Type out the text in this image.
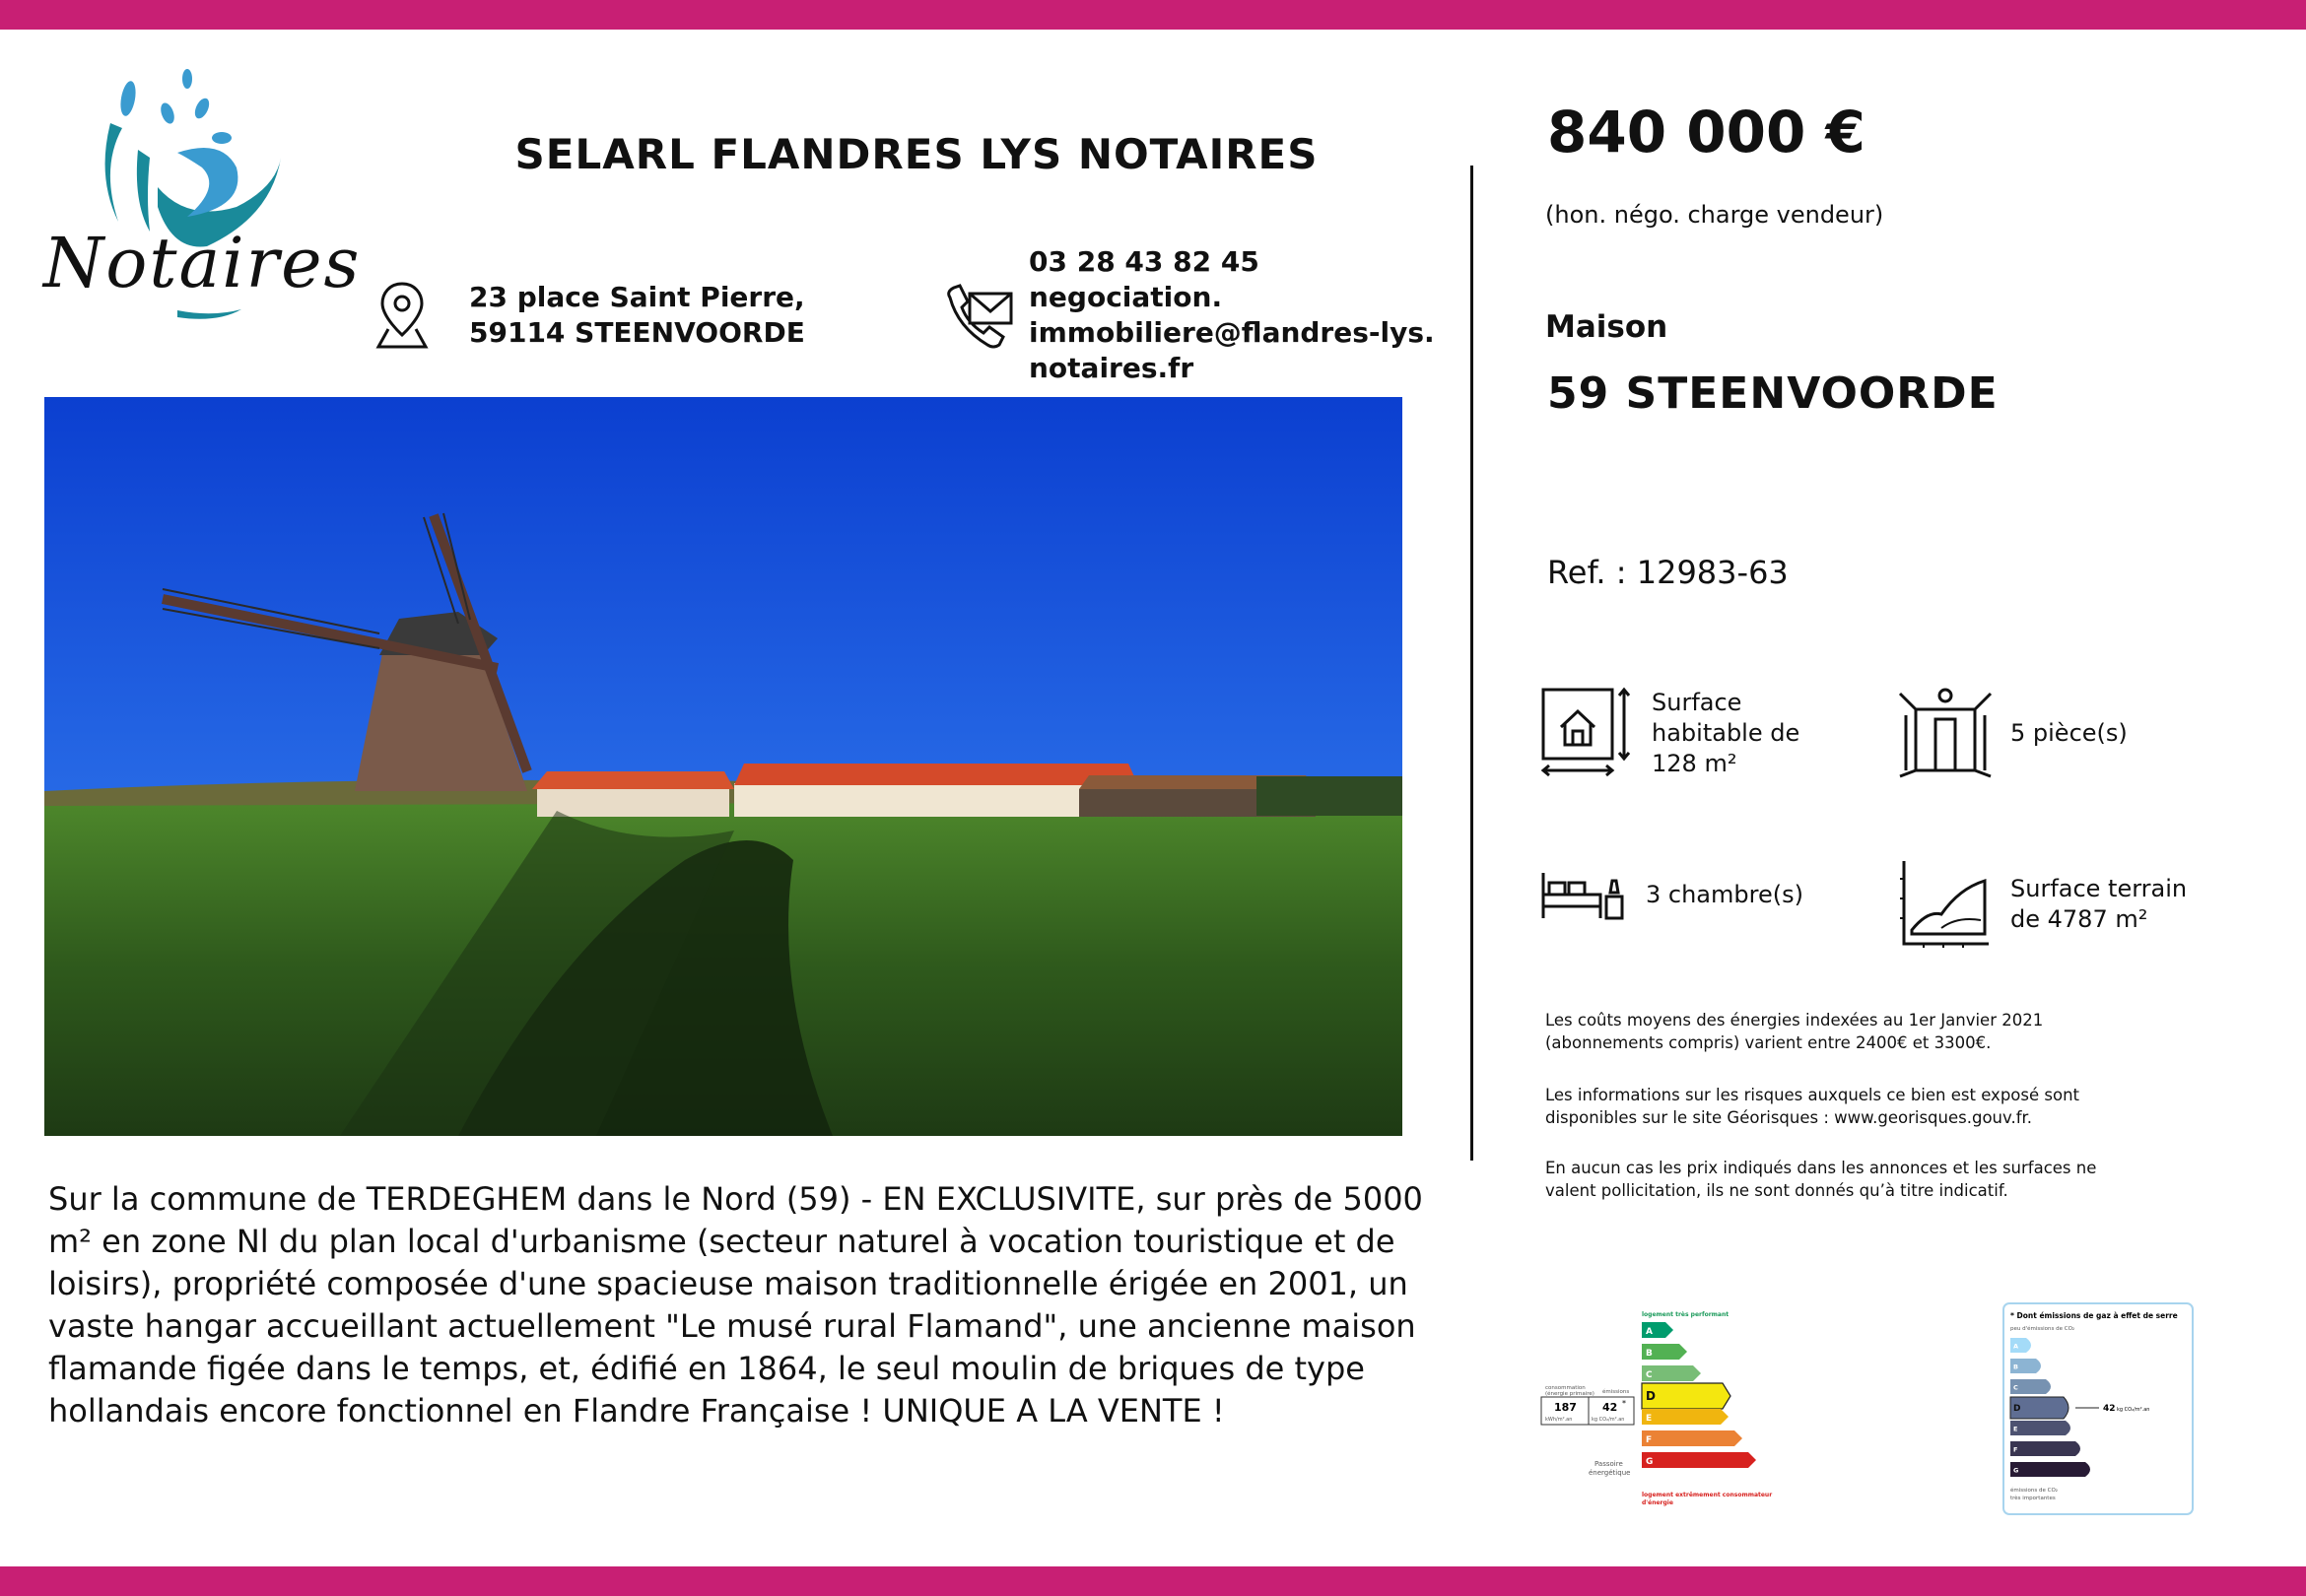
Notaires
SELARL FLANDRES LYS NOTAIRES
23 place Saint Pierre,
59114 STEENVOORDE
03 28 43 82 45
negociation.
immobiliere@flandres-lys.
notaires.fr
Sur la commune de TERDEGHEM dans le Nord (59) - EN EXCLUSIVITE, sur près de 5000 m² en zone Nl du plan local d'urbanisme (secteur naturel à vocation touristique et de loisirs), propriété composée d'une spacieuse maison traditionnelle érigée en 2001, un vaste hangar accueillant actuellement "Le musé rural Flamand", une ancienne maison flamande figée dans le temps, et, édifié en 1864, le seul moulin de briques de type hollandais encore fonctionnel en Flandre Française ! UNIQUE A LA VENTE !
840 000 €
(hon. négo. charge vendeur)
Maison
59 STEENVOORDE
Ref. : 12983-63
Surface
habitable de
128 m²
5 pièce(s)
3 chambre(s)	Surface terrain
de 4787 m²
Les coûts moyens des énergies indexées au 1er Janvier 2021
(abonnements compris) varient entre 2400€ et 3300€.
Les informations sur les risques auxquels ce bien est exposé sont
disponibles sur le site Géorisques : www.georisques.gouv.fr.
En aucun cas les prix indiqués dans les annonces et les surfaces ne
valent pollicitation, ils ne sont donnés qu’à titre indicatif.
logement très performant
A
B
C
D
E
F
G
consommation
(énergie primaire) émissions
187
kWh/m².an
42 *
kg CO₂/m².an
Passoire
énergétique
logement extrêmement consommateur
d'énergie
* Dont émissions de gaz à effet de serre
peu d'émissions de CO₂
A
B
C
D	42 kg CO₂/m².an
E
F
G
émissions de CO₂
très importantes
